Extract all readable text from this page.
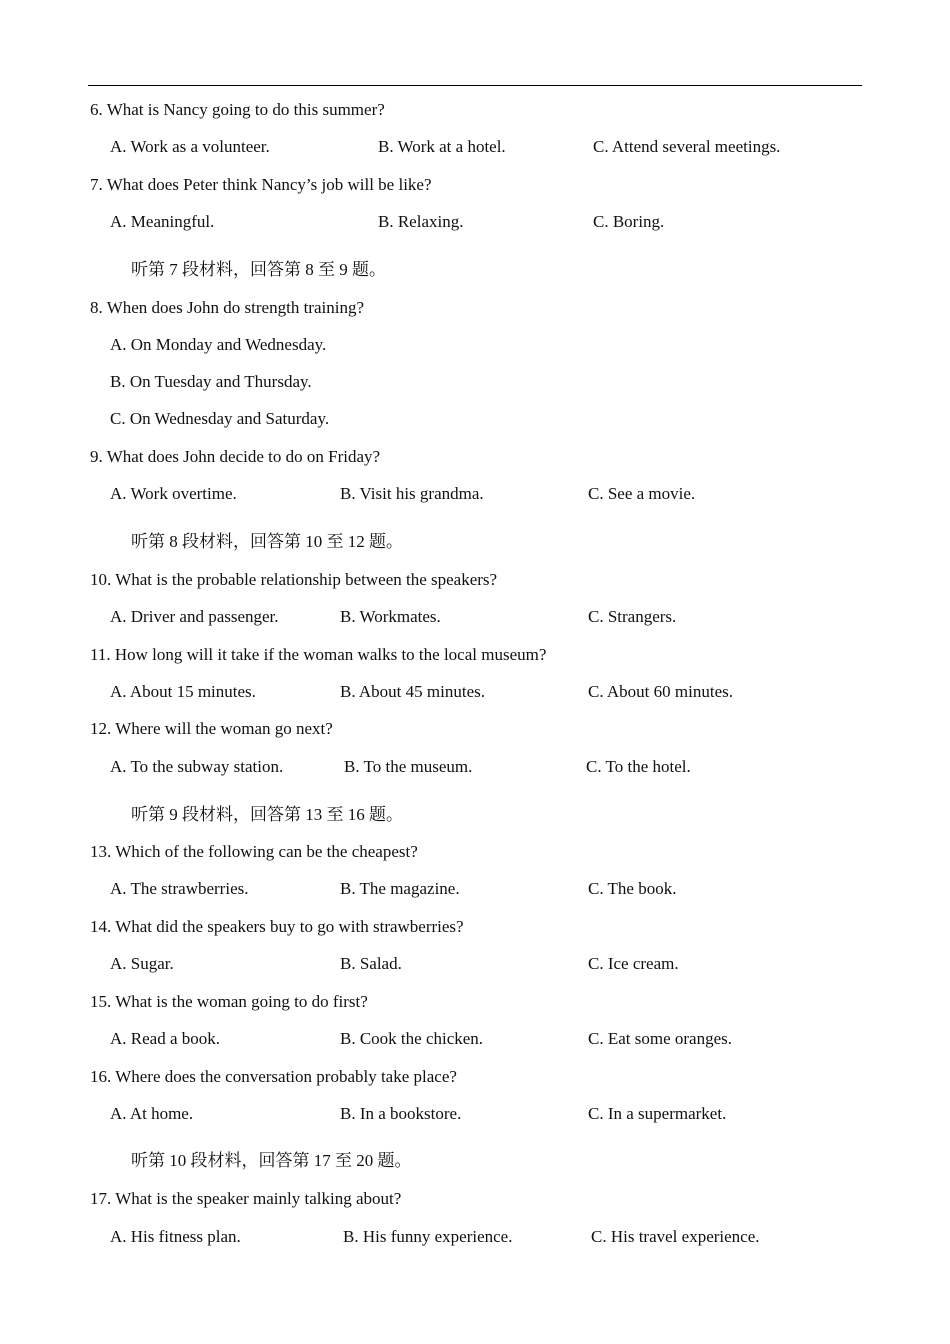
6. What is Nancy going to do this summer?
A. Work as a volunteer.	B. Work at a hotel.	C. Attend several meetings.
7. What does Peter think Nancy’s job will be like?
A. Meaningful.	B. Relaxing.	C. Boring.
听第 7 段材料，回答第 8 至 9 题。
8. When does John do strength training?
A. On Monday and Wednesday.
B. On Tuesday and Thursday.
C. On Wednesday and Saturday.
9. What does John decide to do on Friday?
A. Work overtime.	B. Visit his grandma.	C. See a movie.
听第 8 段材料，回答第 10 至 12 题。
10. What is the probable relationship between the speakers?
A. Driver and passenger.	B. Workmates.	C. Strangers.
11. How long will it take if the woman walks to the local museum?
A. About 15 minutes.	B. About 45 minutes.	C. About 60 minutes.
12. Where will the woman go next?
A. To the subway station.	B. To the museum.	C. To the hotel.
听第 9 段材料，回答第 13 至 16 题。
13. Which of the following can be the cheapest?
A. The strawberries.	B. The magazine.	C. The book.
14. What did the speakers buy to go with strawberries?
A. Sugar.	B. Salad.	C. Ice cream.
15. What is the woman going to do first?
A. Read a book.	B. Cook the chicken.	C. Eat some oranges.
16. Where does the conversation probably take place?
A. At home.	B. In a bookstore.	C. In a supermarket.
听第 10 段材料，回答第 17 至 20 题。
17. What is the speaker mainly talking about?
A. His fitness plan.	B. His funny experience.	C. His travel experience.
